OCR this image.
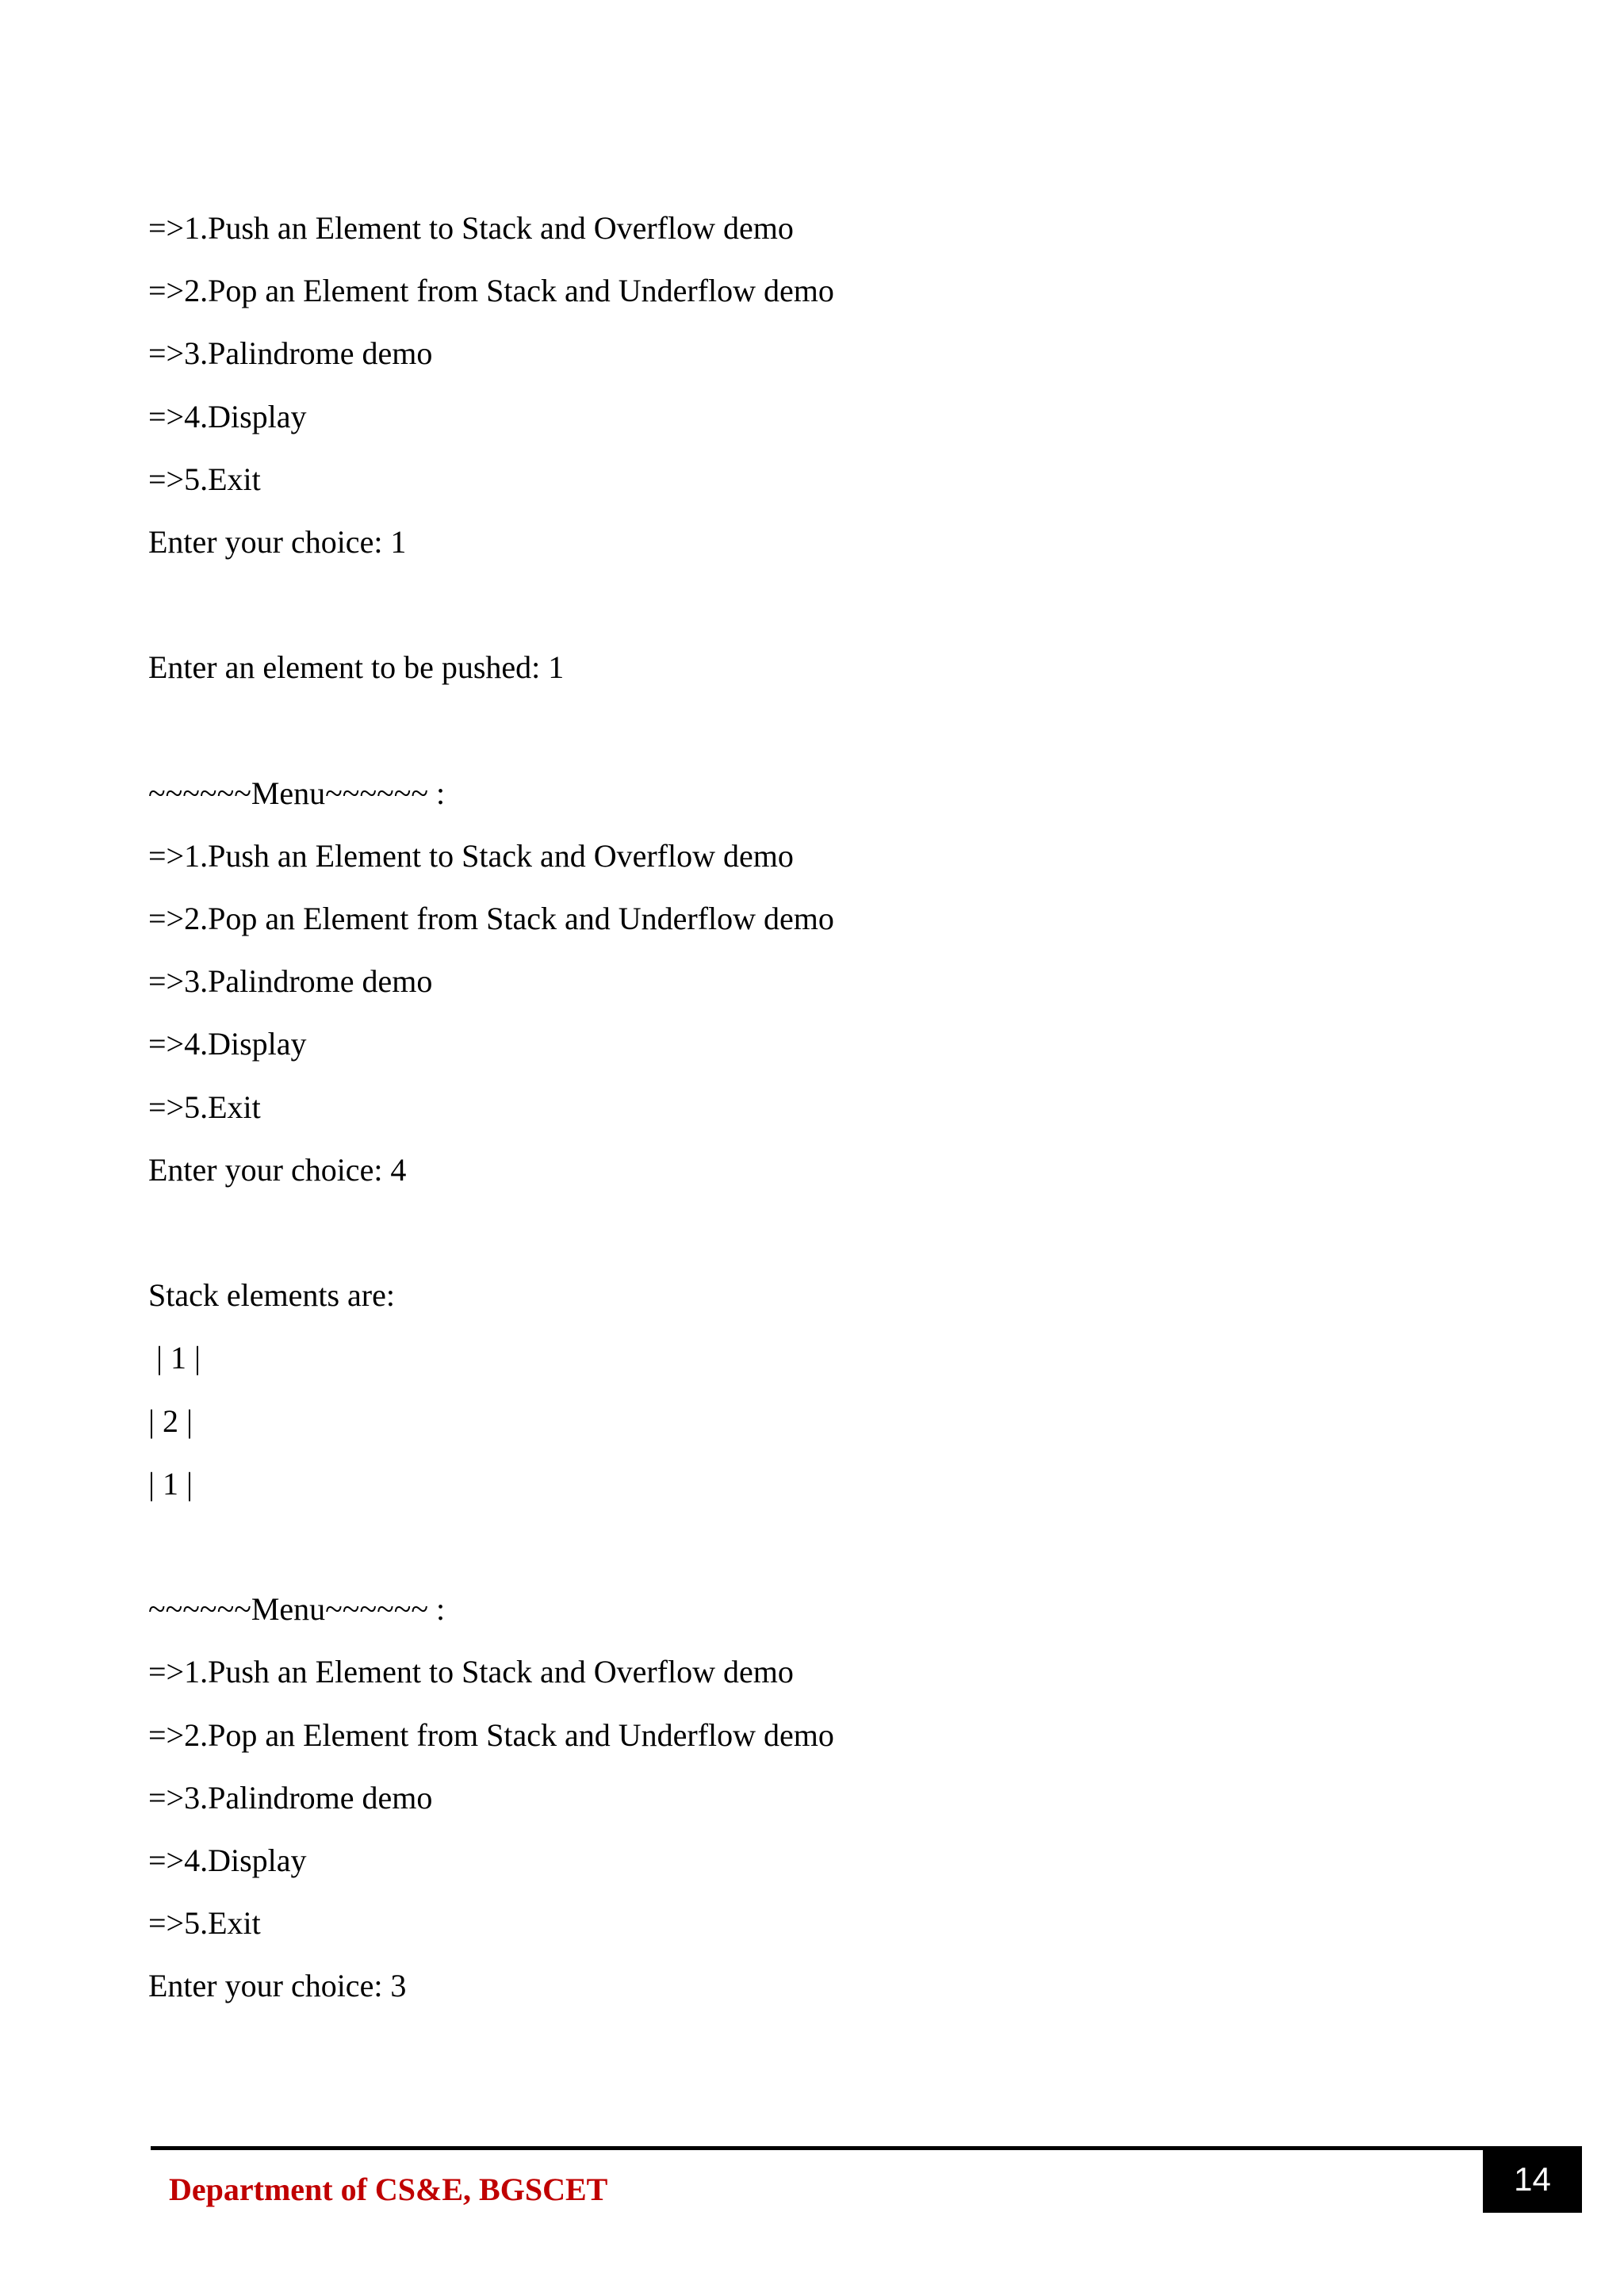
=>1.Push an Element to Stack and Overflow demo
=>2.Pop an Element from Stack and Underflow demo
=>3.Palindrome demo
=>4.Display
=>5.Exit
Enter your choice: 1
Enter an element to be pushed: 1
~~~~~~Menu~~~~~~ :
=>1.Push an Element to Stack and Overflow demo
=>2.Pop an Element from Stack and Underflow demo
=>3.Palindrome demo
=>4.Display
=>5.Exit
Enter your choice: 4
Stack elements are:
| 1 |
| 2 |
| 1 |
~~~~~~Menu~~~~~~ :
=>1.Push an Element to Stack and Overflow demo
=>2.Pop an Element from Stack and Underflow demo
=>3.Palindrome demo
=>4.Display
=>5.Exit
Enter your choice: 3
Department of CS&E, BGSCET	14
